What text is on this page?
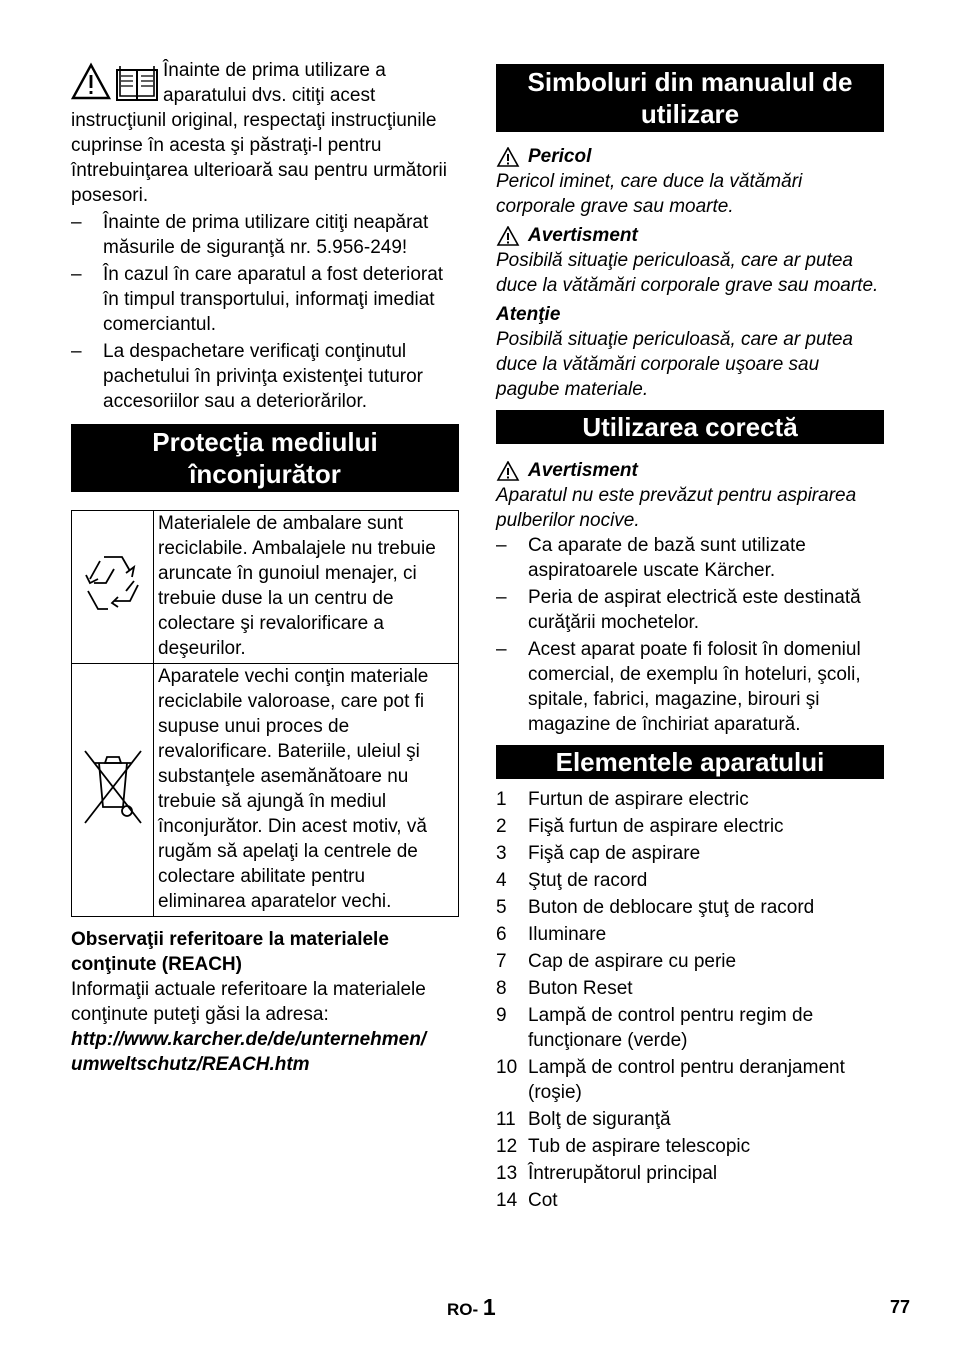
Înainte de prima utilizare a aparatului dvs. citiţi acest instrucţiunil original, respectaţi instrucţiunile cuprinse în acesta şi păstraţi-l pentru întrebuinţarea ulterioară sau pentru următorii posesori.

–	Înainte de prima utilizare citiţi neapărat măsurile de siguranţă nr. 5.956-249!
–	În cazul în care aparatul a fost deteriorat în timpul transportului, informaţi imediat comerciantul.
–	La despachetare verificaţi conţinutul pachetului în privinţa existenţei tuturor accesoriilor sau a deteriorărilor.
Protecţia mediului înconjurător
	Materialele de ambalare sunt reciclabile. Ambalajele nu trebuie aruncate în gunoiul menajer, ci trebuie duse la un centru de colectare şi revalorificare a deşeurilor.
	Aparatele vechi conţin materiale reciclabile valoroase, care pot fi supuse unui proces de revalorificare. Bateriile, uleiul şi substanţele asemănătoare nu trebuie să ajungă în mediul înconjurător. Din acest motiv, vă rugăm să apelaţi la centrele de colectare abilitate pentru eliminarea aparatelor vechi.
Observaţii referitoare la materialele conţinute (REACH)
Informaţii actuale referitoare la materialele conţinute puteţi găsi la adresa:
http://www.karcher.de/de/unternehmen/ umweltschutz/REACH.htm
Simboluri din manualul de utilizare
Pericol

Pericol iminet, care duce la vătămări corporale grave sau moarte.

Avertisment

Posibilă situaţie periculoasă, care ar putea duce la vătămări corporale grave sau moarte.

Atenţie

Posibilă situaţie periculoasă, care ar putea duce la vătămări corporale uşoare sau pagube materiale.

Utilizarea corectă
Avertisment

Aparatul nu este prevăzut pentru aspirarea pulberilor nocive.

–	Ca aparate de bază sunt utilizate aspiratoarele uscate Kärcher.
–	Peria de aspirat electrică este destinată curăţării mochetelor.
–	Acest aparat poate fi folosit în domeniul comercial, de exemplu în hoteluri, şcoli, spitale, fabrici, magazine, birouri şi magazine de închiriat aparatură.
Elementele aparatului
1	Furtun de aspirare electric
2	Fişă furtun de aspirare electric
3	Fişă cap de aspirare
4	Ştuţ de racord
5	Buton de deblocare ştuţ de racord
6	Iluminare
7	Cap de aspirare cu perie
8	Buton Reset
9	Lampă de control pentru regim de funcţionare (verde)
10 Lampă de control pentru deranjament (roşie)
11 Bolţ de siguranţă
12 Tub de aspirare telescopic
13 Întrerupătorul principal
14 Cot
RO- 1	77
